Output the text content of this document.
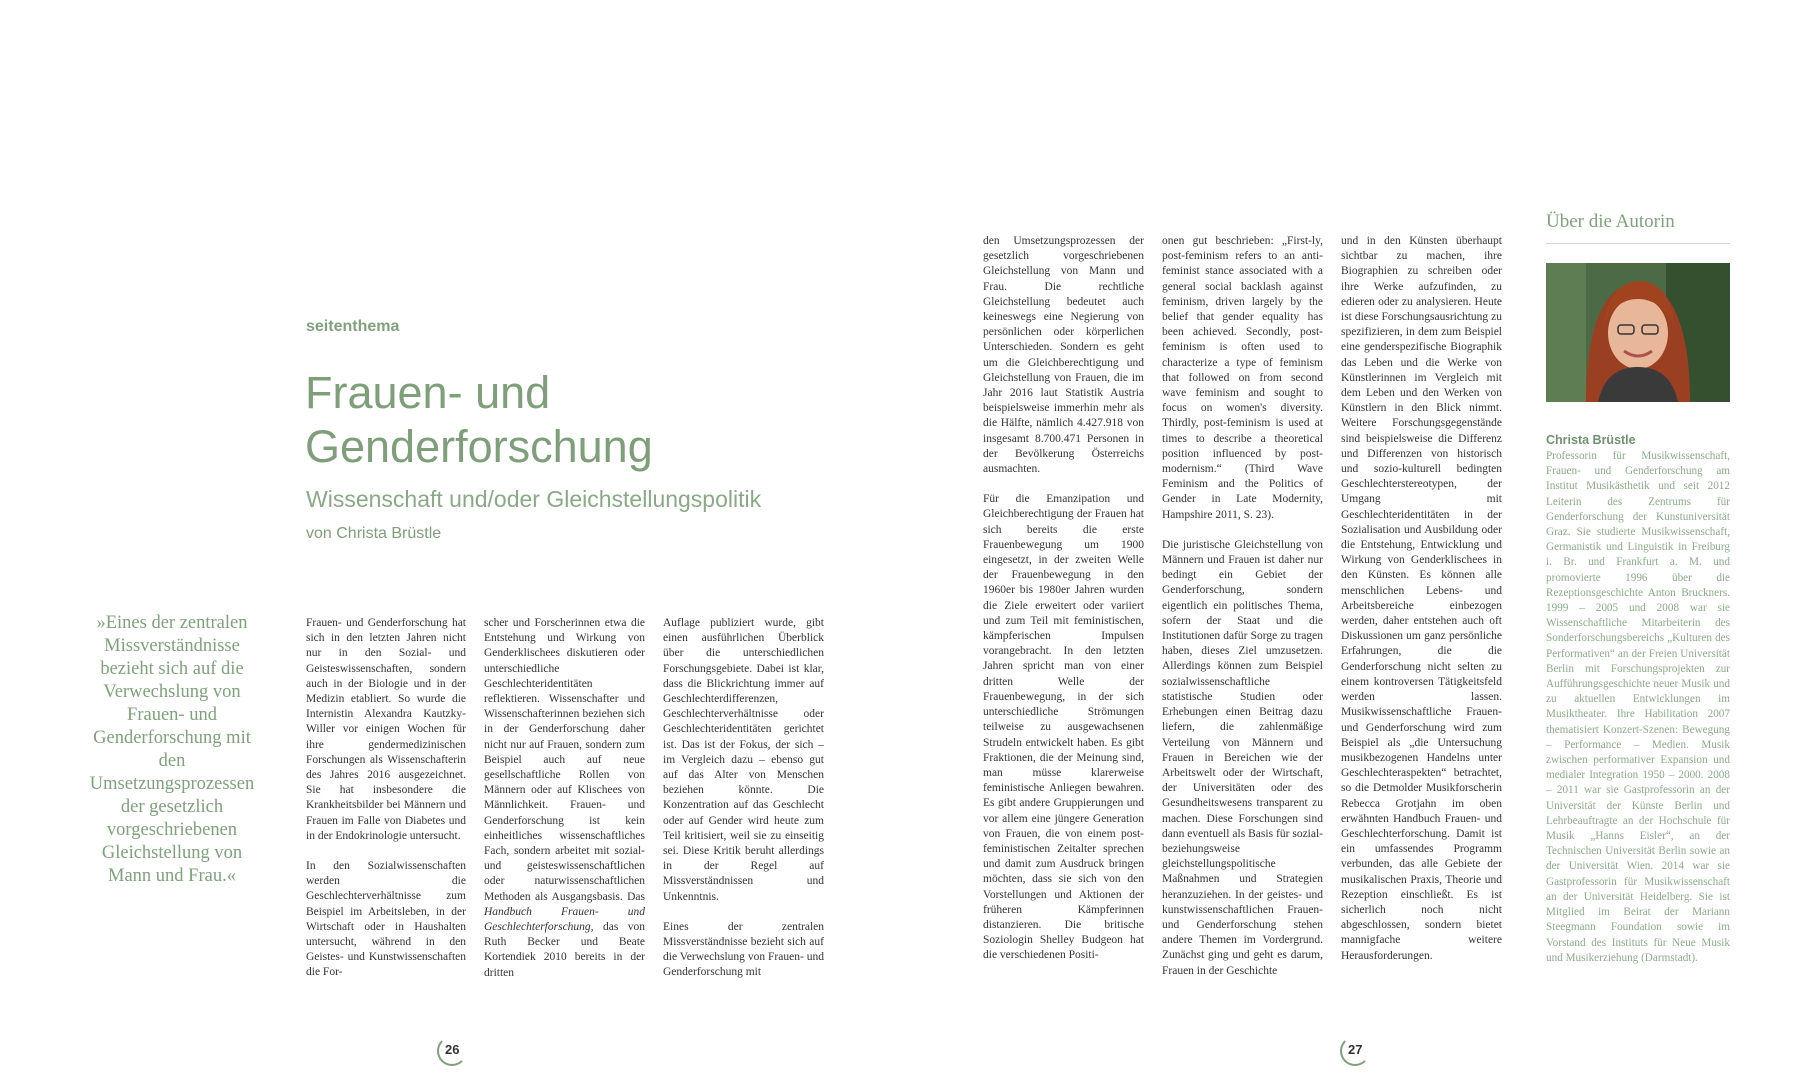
seitenthema
Frauen- und
Genderforschung
Wissenschaft und/oder Gleichstellungspolitik
von Christa Brüstle
»Eines der zentralen Missverständnisse bezieht sich auf die Verwechslung von Frauen- und Genderforschung mit den Umsetzungsprozessen der gesetzlich vorgeschriebenen Gleichstellung von Mann und Frau.«

Frauen- und Genderforschung hat sich in den letzten Jahren nicht nur in den Sozial- und Geisteswissenschaften, sondern auch in der Biologie und in der Medizin etabliert. So wurde die Internistin Alexandra Kautzky-Willer vor einigen Wochen für ihre gendermedizinischen Forschungen als Wissenschafterin des Jahres 2016 ausgezeichnet. Sie hat insbesondere die Krankheitsbilder bei Männern und Frauen im Falle von Diabetes und in der Endokrinologie untersucht.

In den Sozialwissenschaften werden die Geschlechterverhältnisse zum Beispiel im Arbeitsleben, in der Wirtschaft oder in Haushalten untersucht, während in den Geistes- und Kunstwissenschaften die For-

scher und Forscherinnen etwa die Entstehung und Wirkung von Genderklischees diskutieren oder unterschiedliche Geschlechteridentitäten reflektieren. Wissenschafter und Wissenschafterinnen beziehen sich in der Genderforschung daher nicht nur auf Frauen, sondern zum Beispiel auch auf neue gesellschaftliche Rollen von Männern oder auf Klischees von Männlichkeit. Frauen- und Genderforschung ist kein einheitliches wissenschaftliches Fach, sondern arbeitet mit sozial- und geisteswissenschaftlichen oder naturwissenschaftlichen Methoden als Ausgangsbasis. Das Handbuch Frauen- und Geschlechterforschung, das von Ruth Becker und Beate Kortendiek 2010 bereits in der dritten

Auflage publiziert wurde, gibt einen ausführlichen Überblick über die unterschiedlichen Forschungsgebiete. Dabei ist klar, dass die Blickrichtung immer auf Geschlechterdifferenzen, Geschlechterverhältnisse oder Geschlechteridentitäten gerichtet ist. Das ist der Fokus, der sich – im Vergleich dazu – ebenso gut auf das Alter von Menschen beziehen könnte. Die Konzentration auf das Geschlecht oder auf Gender wird heute zum Teil kritisiert, weil sie zu einseitig sei. Diese Kritik beruht allerdings in der Regel auf Missverständnissen und Unkenntnis.

Eines der zentralen Missverständnisse bezieht sich auf die Verwechslung von Frauen- und Genderforschung mit

26

den Umsetzungsprozessen der gesetzlich vorgeschriebenen Gleichstellung von Mann und Frau. Die rechtliche Gleichstellung bedeutet auch keineswegs eine Negierung von persönlichen oder körperlichen Unterschieden. Sondern es geht um die Gleichberechtigung und Gleichstellung von Frauen, die im Jahr 2016 laut Statistik Austria beispielsweise immerhin mehr als die Hälfte, nämlich 4.427.918 von insgesamt 8.700.471 Personen in der Bevölkerung Österreichs ausmachten.

Für die Emanzipation und Gleichberechtigung der Frauen hat sich bereits die erste Frauenbewegung um 1900 eingesetzt, in der zweiten Welle der Frauenbewegung in den 1960er bis 1980er Jahren wurden die Ziele erweitert oder variiert und zum Teil mit feministischen, kämpferischen Impulsen vorangebracht. In den letzten Jahren spricht man von einer dritten Welle der Frauenbewegung, in der sich unterschiedliche Strömungen teilweise zu ausgewachsenen Strudeln entwickelt haben. Es gibt Fraktionen, die der Meinung sind, man müsse klarerweise feministische Anliegen bewahren. Es gibt andere Gruppierungen und vor allem eine jüngere Generation von Frauen, die von einem post-feministischen Zeitalter sprechen und damit zum Ausdruck bringen möchten, dass sie sich von den Vorstellungen und Aktionen der früheren Kämpferinnen distanzieren. Die britische Soziologin Shelley Budgeon hat die verschiedenen Positi-

onen gut beschrieben: „First-ly, post-feminism refers to an anti-feminist stance associated with a general social backlash against feminism, driven largely by the belief that gender equality has been achieved. Secondly, post-feminism is often used to characterize a type of feminism that followed on from second wave feminism and sought to focus on women's diversity. Thirdly, post-feminism is used at times to describe a theoretical position influenced by post-modernism.“ (Third Wave Feminism and the Politics of Gender in Late Modernity, Hampshire 2011, S. 23).

Die juristische Gleichstellung von Männern und Frauen ist daher nur bedingt ein Gebiet der Genderforschung, sondern eigentlich ein politisches Thema, sofern der Staat und die Institutionen dafür Sorge zu tragen haben, dieses Ziel umzusetzen. Allerdings können zum Beispiel sozialwissenschaftliche statistische Studien oder Erhebungen einen Beitrag dazu liefern, die zahlenmäßige Verteilung von Männern und Frauen in Bereichen wie der Arbeitswelt oder der Wirtschaft, der Universitäten oder des Gesundheitswesens transparent zu machen. Diese Forschungen sind dann eventuell als Basis für sozial- beziehungsweise gleichstellungspolitische Maßnahmen und Strategien heranzuziehen. In der geistes- und kunstwissenschaftlichen Frauen- und Genderforschung stehen andere Themen im Vordergrund. Zunächst ging und geht es darum, Frauen in der Geschichte

und in den Künsten überhaupt sichtbar zu machen, ihre Biographien zu schreiben oder ihre Werke aufzufinden, zu edieren oder zu analysieren. Heute ist diese Forschungsausrichtung zu spezifizieren, in dem zum Beispiel eine genderspezifische Biographik das Leben und die Werke von Künstlerinnen im Vergleich mit dem Leben und den Werken von Künstlern in den Blick nimmt. Weitere Forschungsgegenstände sind beispielsweise die Differenz und Differenzen von historisch und sozio-kulturell bedingten Geschlechterstereotypen, der Umgang mit Geschlechteridentitäten in der Sozialisation und Ausbildung oder die Entstehung, Entwicklung und Wirkung von Genderklischees in den Künsten. Es können alle menschlichen Lebens- und Arbeitsbereiche einbezogen werden, daher entstehen auch oft Diskussionen um ganz persönliche Erfahrungen, die die Genderforschung nicht selten zu einem kontroversen Tätigkeitsfeld werden lassen. Musikwissenschaftliche Frauen- und Genderforschung wird zum Beispiel als „die Untersuchung musikbezogenen Handelns unter Geschlechteraspekten“ betrachtet, so die Detmolder Musikforscherin Rebecca Grotjahn im oben erwähnten Handbuch Frauen- und Geschlechterforschung. Damit ist ein umfassendes Programm verbunden, das alle Gebiete der musikalischen Praxis, Theorie und Rezeption einschließt. Es ist sicherlich noch nicht abgeschlossen, sondern bietet mannigfache weitere Herausforderungen.

Über die Autorin
Christa Brüstle
Professorin für Musikwissenschaft, Frauen- und Genderforschung am Institut Musikästhetik und seit 2012 Leiterin des Zentrums für Genderforschung der Kunstuniversität Graz. Sie studierte Musikwissenschaft, Germanistik und Linguistik in Freiburg i. Br. und Frankfurt a. M. und promovierte 1996 über die Rezeptionsgeschichte Anton Bruckners. 1999 – 2005 und 2008 war sie Wissenschaftliche Mitarbeiterin des Sonderforschungsbereichs „Kulturen des Performativen“ an der Freien Universität Berlin mit Forschungsprojekten zur Aufführungsgeschichte neuer Musik und zu aktuellen Entwicklungen im Musiktheater. Ihre Habilitation 2007 thematisiert Konzert-Szenen: Bewegung – Performance – Medien. Musik zwischen performativer Expansion und medialer Integration 1950 – 2000. 2008 – 2011 war sie Gastprofessorin an der Universität der Künste Berlin und Lehrbeauftragte an der Hochschule für Musik „Hanns Eisler“, an der Technischen Universität Berlin sowie an der Universität Wien. 2014 war sie Gastprofessorin für Musikwissenschaft an der Universität Heidelberg. Sie ist Mitglied im Beirat der Mariann Steegmann Foundation sowie im Vorstand des Instituts für Neue Musik und Musikerziehung (Darmstadt).
27
